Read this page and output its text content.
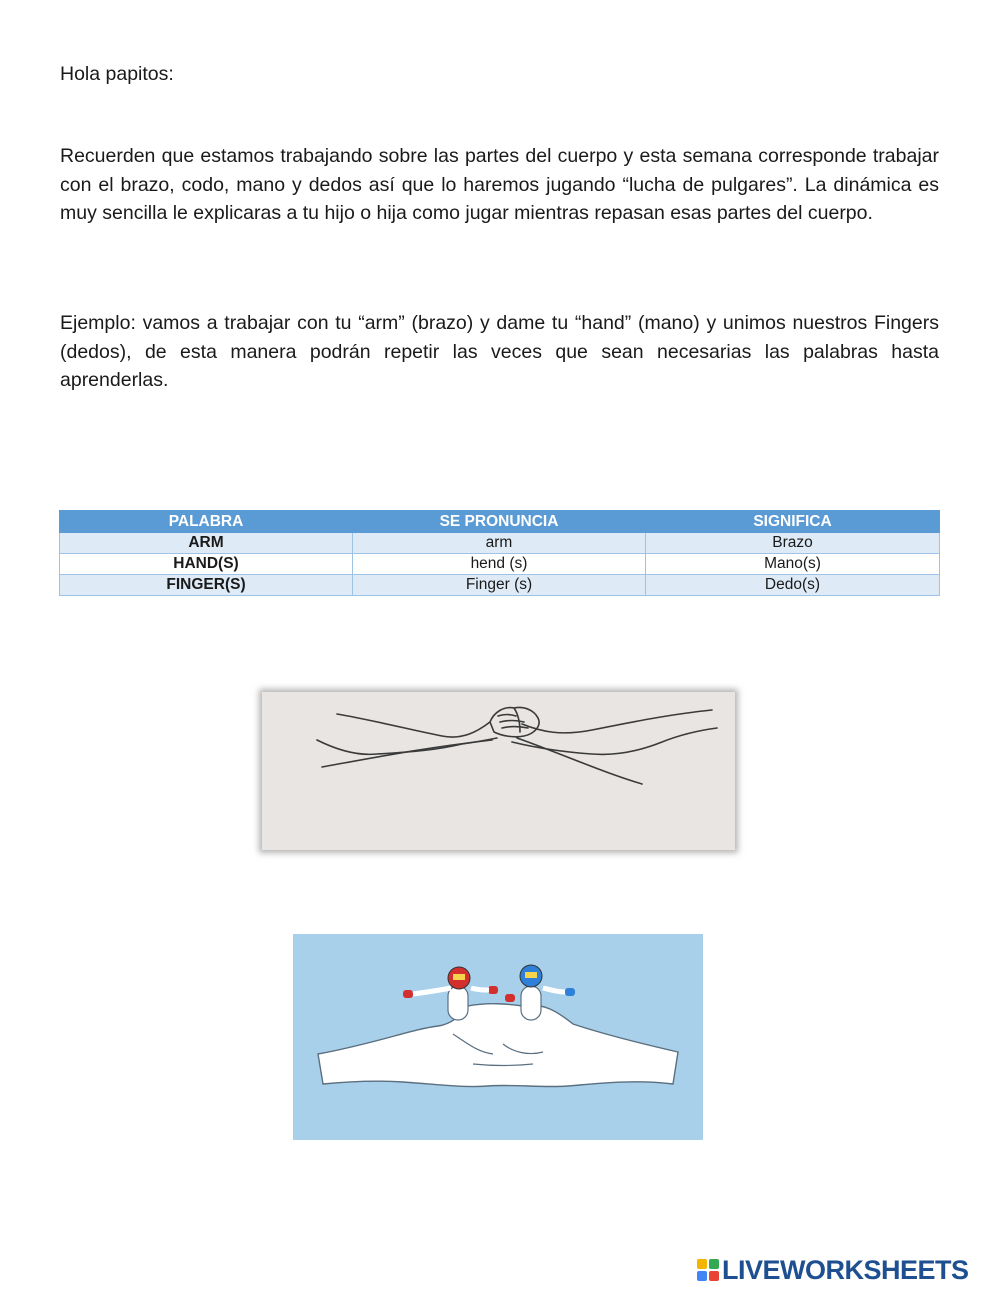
Hola papitos:

Recuerden que estamos trabajando sobre las partes del cuerpo y esta semana corresponde trabajar con el brazo, codo, mano y dedos así que lo haremos jugando “lucha de pulgares”. La dinámica es muy sencilla le explicaras a tu hijo o hija como jugar mientras repasan esas partes del cuerpo.

Ejemplo: vamos a trabajar con tu “arm” (brazo) y dame tu “hand” (mano) y unimos nuestros Fingers (dedos), de esta manera podrán repetir las veces que sean necesarias las palabras hasta aprenderlas.

PALABRA	SE PRONUNCIA	SIGNIFICA
ARM	arm	Brazo
HAND(S)	hend (s)	Mano(s)
FINGER(S)	Finger (s)	Dedo(s)
LIVEWORKSHEETS
